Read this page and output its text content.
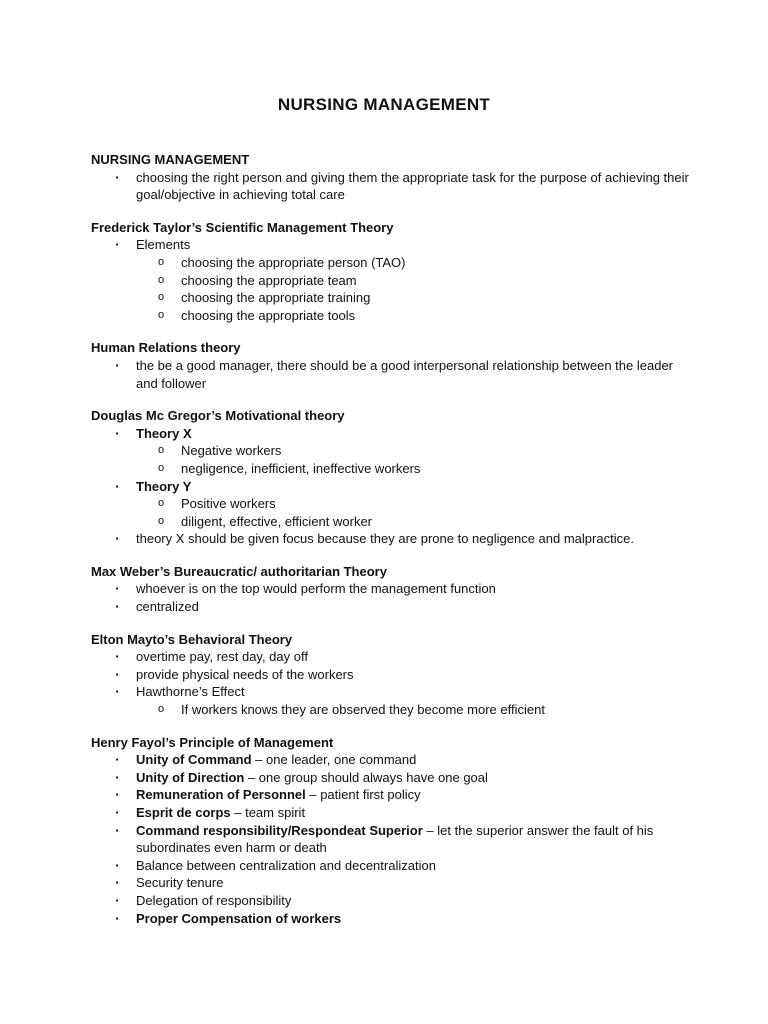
NURSING MANAGEMENT
NURSING MANAGEMENT
▪ choosing the right person and giving them the appropriate task for the purpose of achieving their goal/objective in achieving total care
Frederick Taylor’s Scientific Management Theory
▪ Elements
o choosing the appropriate person (TAO)
o choosing the appropriate team
o choosing the appropriate training
o choosing the appropriate tools
Human Relations theory
▪ the be a good manager, there should be a good interpersonal relationship between the leader and follower
Douglas Mc Gregor’s Motivational theory
▪ Theory X
o Negative workers
o negligence, inefficient, ineffective workers
▪ Theory Y
o Positive workers
o diligent, effective, efficient worker
▪ theory X should be given focus because they are prone to negligence and malpractice.
Max Weber’s Bureaucratic/ authoritarian Theory
▪ whoever is on the top would perform the management function
▪ centralized
Elton Mayto’s Behavioral Theory
▪ overtime pay, rest day, day off
▪ provide physical needs of the workers
▪ Hawthorne’s Effect
o If workers knows they are observed they become more efficient
Henry Fayol’s Principle of Management
▪ Unity of Command – one leader, one command
▪ Unity of Direction – one group should always have one goal
▪ Remuneration of Personnel – patient first policy
▪ Esprit de corps – team spirit
▪ Command responsibility/Respondeat Superior – let the superior answer the fault of his subordinates even harm or death
▪ Balance between centralization and decentralization
▪ Security tenure
▪ Delegation of responsibility
▪ Proper Compensation of workers
